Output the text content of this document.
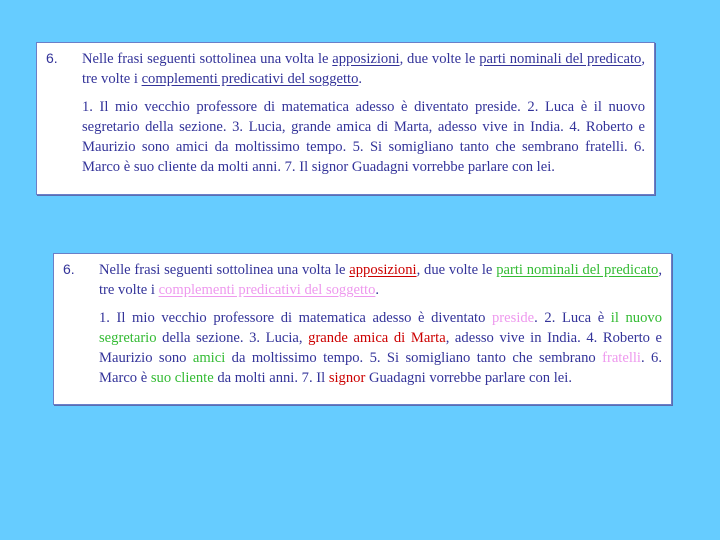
6. Nelle frasi seguenti sottolinea una volta le apposizioni, due volte le parti nominali del predicato, tre volte i complementi predicativi del soggetto.

1. Il mio vecchio professore di matematica adesso è diventato preside. 2. Luca è il nuovo segretario della sezione. 3. Lucia, grande amica di Marta, adesso vive in India. 4. Roberto e Maurizio sono amici da moltissimo tempo. 5. Si somigliano tanto che sembrano fratelli. 6. Marco è suo cliente da molti anni. 7. Il signor Guadagni vorrebbe parlare con lei.

6. Nelle frasi seguenti sottolinea una volta le apposizioni, due volte le parti nominali del predicato, tre volte i complementi predicativi del soggetto.

1. Il mio vecchio professore di matematica adesso è diventato preside. 2. Luca è il nuovo segretario della sezione. 3. Lucia, grande amica di Marta, adesso vive in India. 4. Roberto e Maurizio sono amici da moltissimo tempo. 5. Si somigliano tanto che sembrano fratelli. 6. Marco è suo cliente da molti anni. 7. Il signor Guadagni vorrebbe parlare con lei.
